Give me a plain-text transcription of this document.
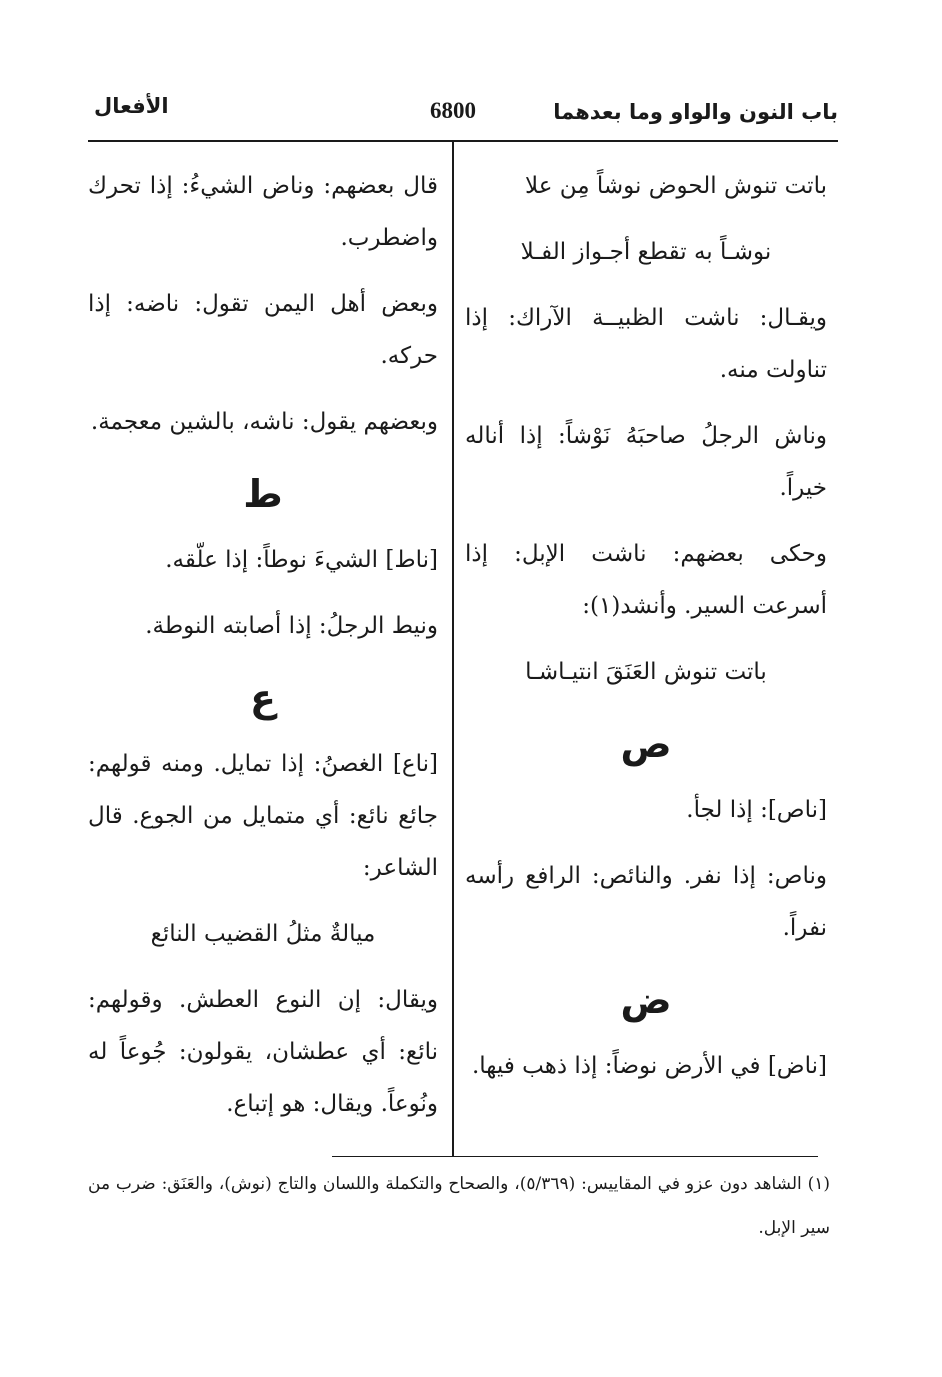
باب النون والواو وما بعدهما
6800
الأفعال

باتت تنوش الحوض نوشاً مِن علا

نوشـاً به تقطع أجـواز الفـلا

ويقـال: ناشت الظبيــة الآراك: إذا تناولت منه.

وناش الرجلُ صاحبَهُ نَوْشاً: إذا أناله خيراً.

وحكى بعضهم: ناشت الإبل: إذا أسرعت السير. وأنشد(١):

باتت تنوش العَنَقَ انتيـاشـا

ص

[ناص]: إذا لجأ.

وناص: إذا نفر. والنائص: الرافع رأسه نفراً.

ض

[ناض] في الأرض نوضاً: إذا ذهب فيها.

قال بعضهم: وناض الشيءُ: إذا تحرك واضطرب.

وبعض أهل اليمن تقول: ناضه: إذا حركه.

وبعضهم يقول: ناشه، بالشين معجمة.

ط

[ناط] الشيءَ نوطاً: إذا علّقه.

ونيط الرجلُ: إذا أصابته النوطة.

ع

[ناع] الغصنُ: إذا تمايل. ومنه قولهم: جائع نائع: أي متمايل من الجوع. قال الشاعر:

ميالةٌ مثلُ القضيب النائع

ويقال: إن النوع العطش. وقولهم: نائع: أي عطشان، يقولون: جُوعاً له ونُوعاً. ويقال: هو إتباع.

(١) الشاهد دون عزو في المقاييس: (٥/٣٦٩)، والصحاح والتكملة واللسان والتاج (نوش)، والعَنَق: ضرب من سير الإبل.
